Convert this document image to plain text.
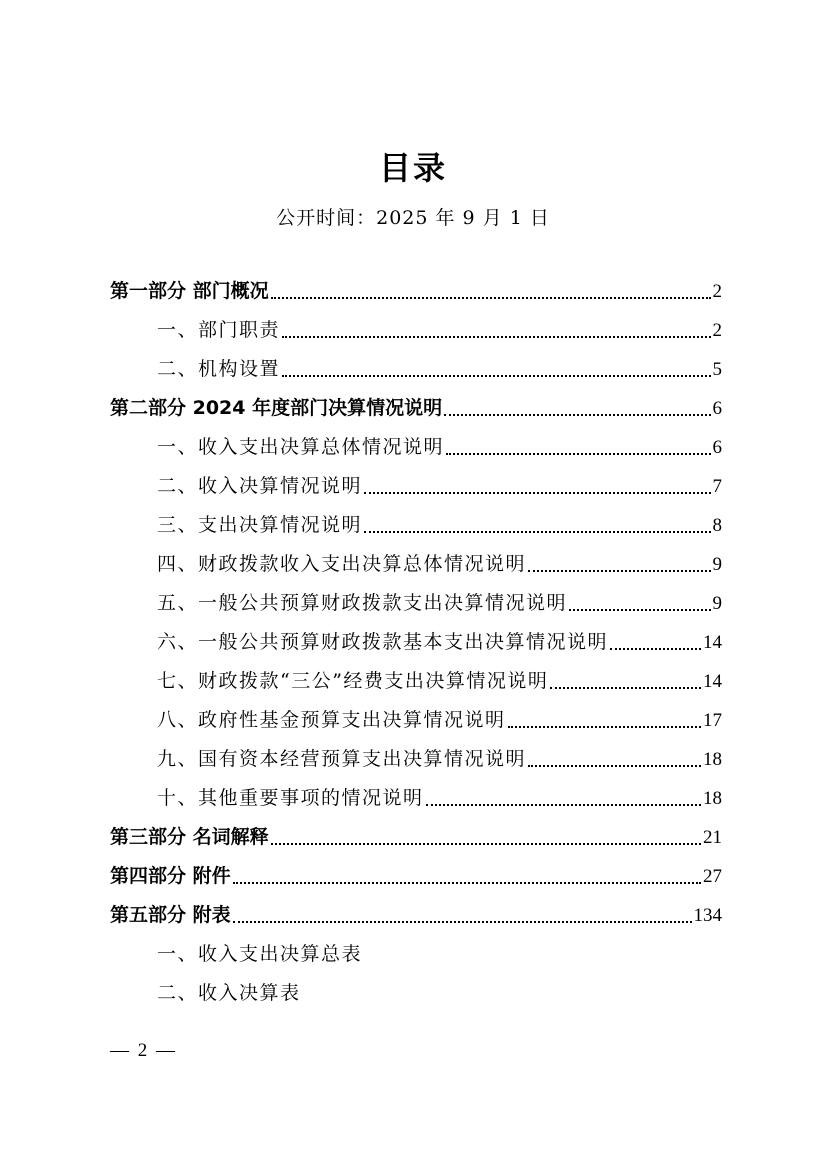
目录
公开时间：2025 年 9 月 1 日
第一部分 部门概况	2
一、部门职责	2
二、机构设置	5
第二部分 2024 年度部门决算情况说明	6
一、收入支出决算总体情况说明	6
二、收入决算情况说明	7
三、支出决算情况说明	8
四、财政拨款收入支出决算总体情况说明	9
五、一般公共预算财政拨款支出决算情况说明	9
六、一般公共预算财政拨款基本支出决算情况说明	14
七、财政拨款“三公”经费支出决算情况说明	14
八、政府性基金预算支出决算情况说明	17
九、国有资本经营预算支出决算情况说明	18
十、其他重要事项的情况说明	18
第三部分 名词解释	21
第四部分 附件	27
第五部分 附表	134
一、收入支出决算总表
二、收入决算表
— 2 —
